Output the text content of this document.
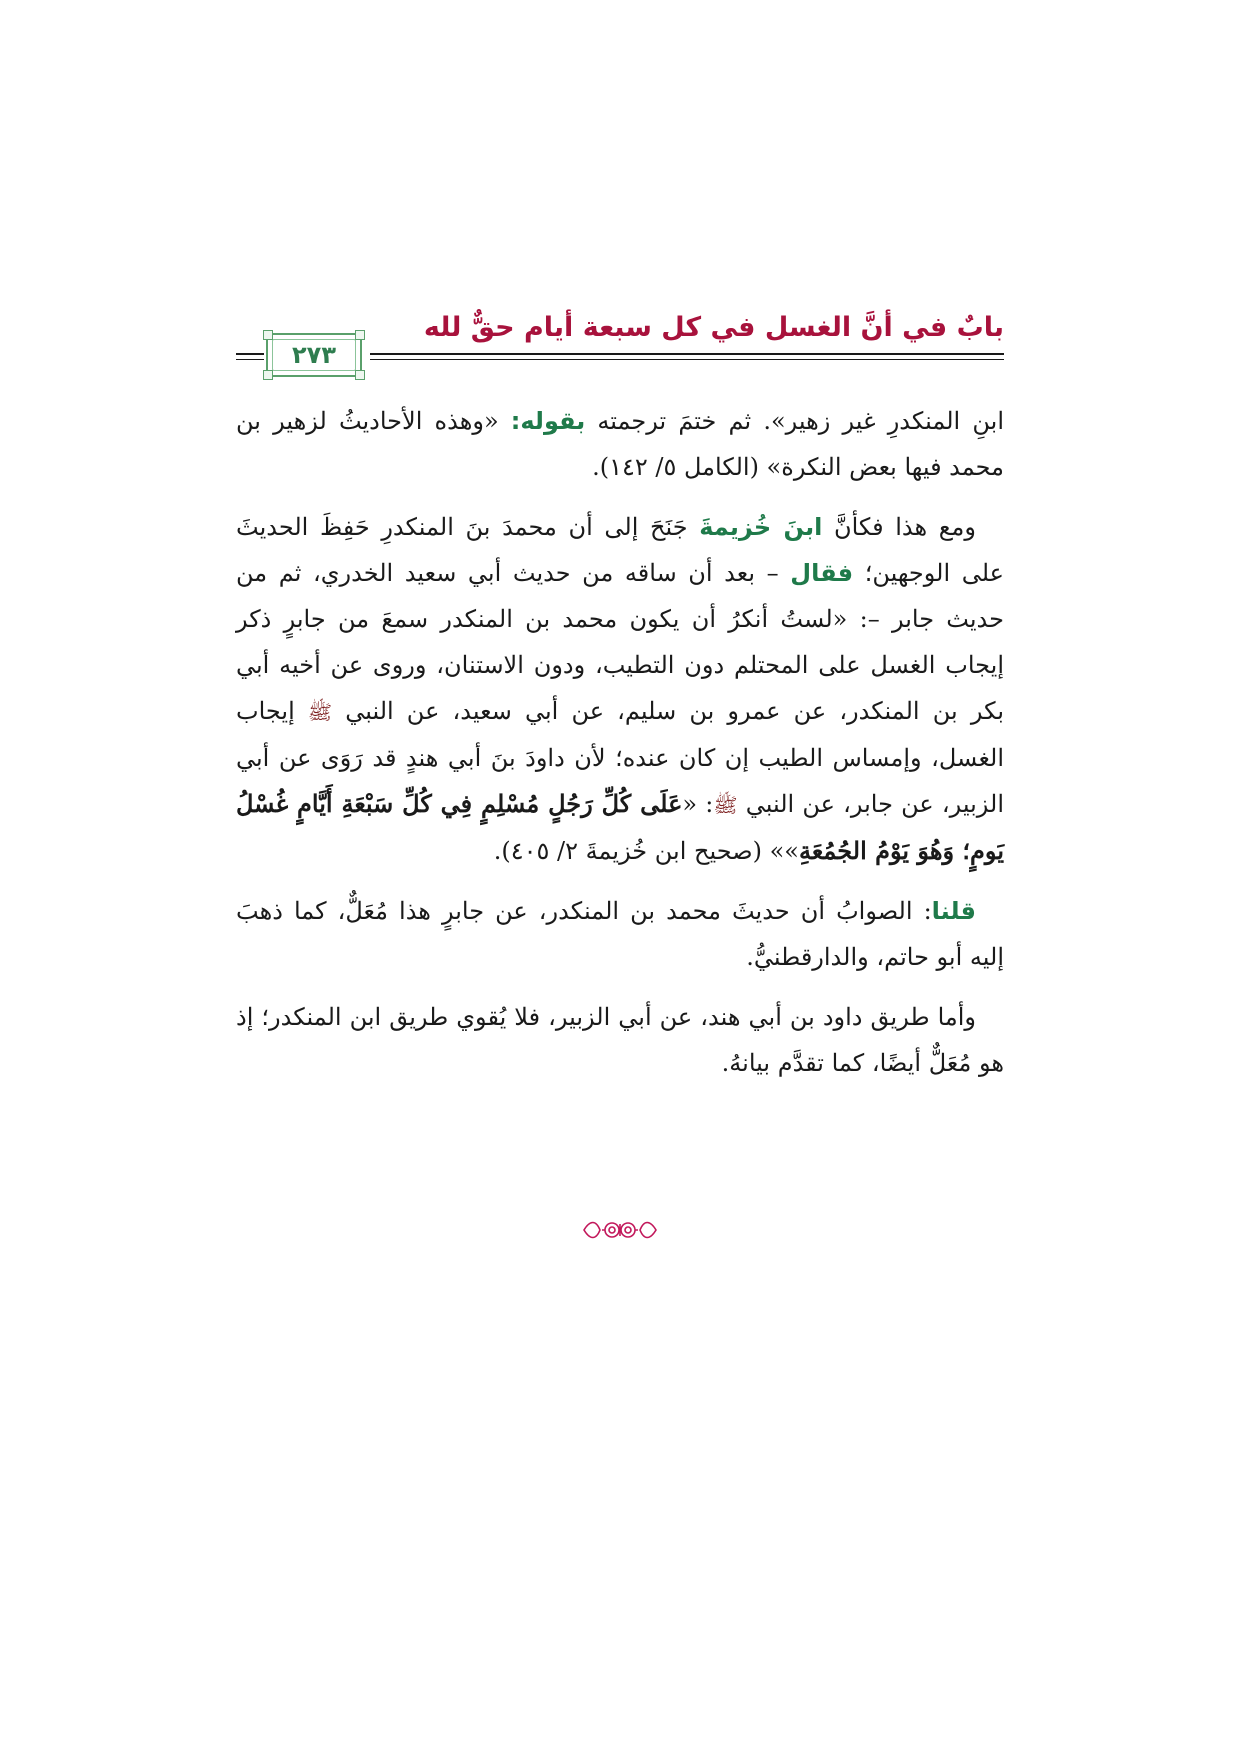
بابٌ في أنَّ الغسل في كل سبعة أيام حقٌّ لله
٢٧٣

ابنِ المنكدرِ غير زهير». ثم ختمَ ترجمته بقوله: «وهذه الأحاديثُ لزهير بن محمد فيها بعض النكرة» (الكامل ٥/ ١٤٢).

ومع هذا فكأنَّ ابنَ خُزيمةَ جَنَحَ إلى أن محمدَ بنَ المنكدرِ حَفِظَ الحديثَ على الوجهين؛ فقال – بعد أن ساقه من حديث أبي سعيد الخدري، ثم من حديث جابر –: «لستُ أنكرُ أن يكون محمد بن المنكدر سمعَ من جابرٍ ذكر إيجاب الغسل على المحتلم دون التطيب، ودون الاستنان، وروى عن أخيه أبي بكر بن المنكدر، عن عمرو بن سليم، عن أبي سعيد، عن النبي ﷺ إيجاب الغسل، وإمساس الطيب إن كان عنده؛ لأن داودَ بنَ أبي هندٍ قد رَوَى عن أبي الزبير، عن جابر، عن النبي ﷺ: «عَلَى كُلِّ رَجُلٍ مُسْلِمٍ فِي كُلِّ سَبْعَةِ أَيَّامٍ غُسْلُ يَومٍ؛ وَهُوَ يَوْمُ الجُمُعَةِ»» (صحيح ابن خُزيمةَ ٢/ ٤٠٥).

قلنا: الصوابُ أن حديثَ محمد بن المنكدر، عن جابرٍ هذا مُعَلٌّ، كما ذهبَ إليه أبو حاتم، والدارقطنيُّ.

وأما طريق داود بن أبي هند، عن أبي الزبير، فلا يُقوي طريق ابن المنكدر؛ إذ هو مُعَلٌّ أيضًا، كما تقدَّم بيانهُ.
